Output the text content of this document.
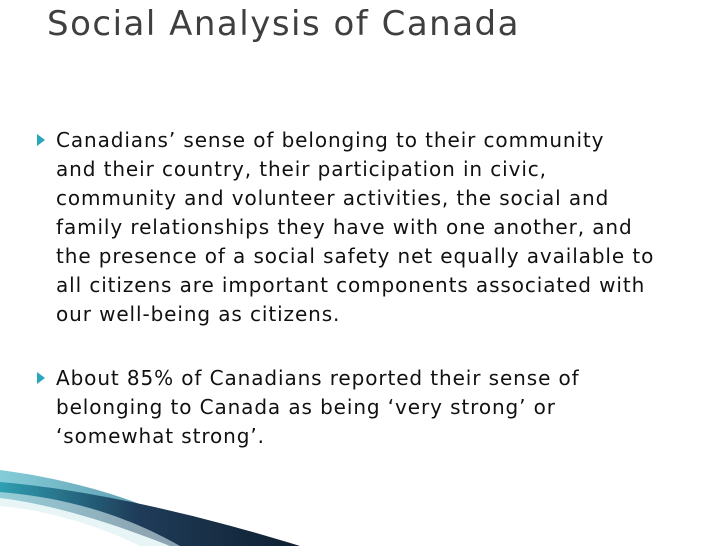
Social Analysis of Canada

Canadians’ sense of belonging to their community
and their country, their participation in civic,
community and volunteer activities, the social and
family relationships they have with one another, and
the presence of a social safety net equally available to
all citizens are important components associated with
our well-being as citizens.

About 85% of Canadians reported their sense of
belonging to Canada as being ‘very strong’ or
‘somewhat strong’.
